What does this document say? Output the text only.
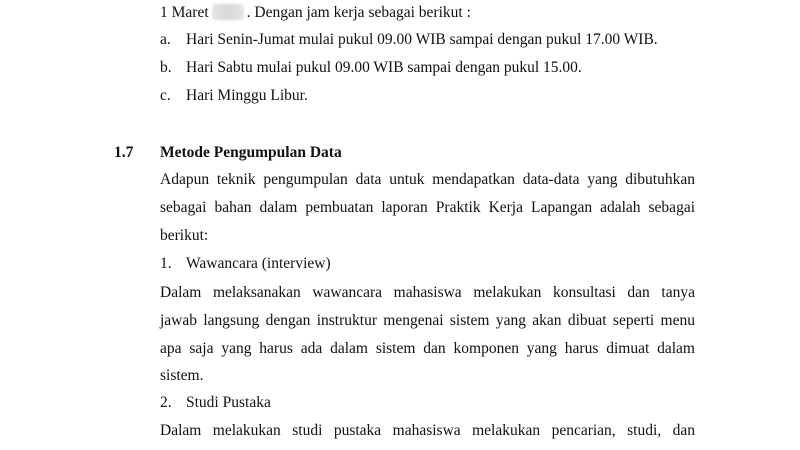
1 Maret . Dengan jam kerja sebagai berikut :
a. Hari Senin-Jumat mulai pukul 09.00 WIB sampai dengan pukul 17.00 WIB.
b. Hari Sabtu mulai pukul 09.00 WIB sampai dengan pukul 15.00.
c. Hari Minggu Libur.
1.7 Metode Pengumpulan Data
Adapun teknik pengumpulan data untuk mendapatkan data-data yang dibutuhkan
sebagai bahan dalam pembuatan laporan Praktik Kerja Lapangan adalah sebagai
berikut:
1. Wawancara (interview)
Dalam melaksanakan wawancara mahasiswa melakukan konsultasi dan tanya
jawab langsung dengan instruktur mengenai sistem yang akan dibuat seperti menu
apa saja yang harus ada dalam sistem dan komponen yang harus dimuat dalam
sistem.
2. Studi Pustaka
Dalam melakukan studi pustaka mahasiswa melakukan pencarian, studi, dan
